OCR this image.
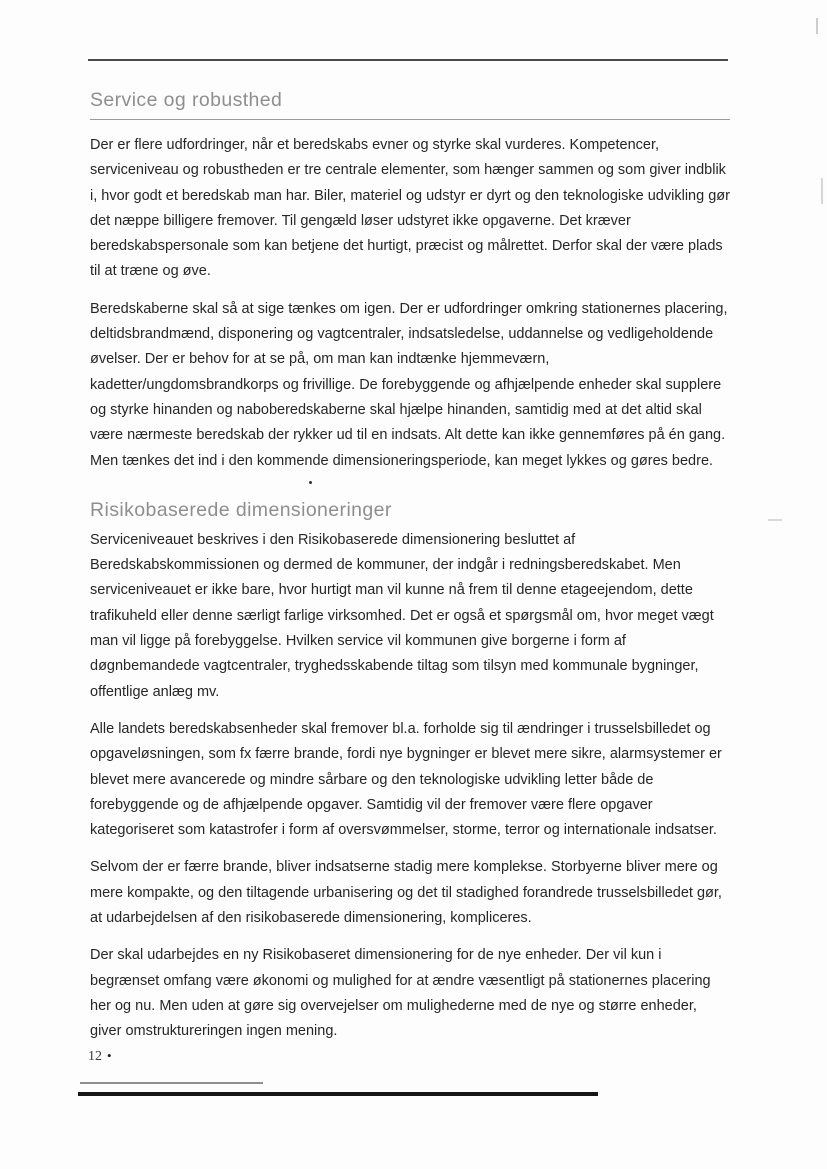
Service og robusthed

Der er flere udfordringer, når et beredskabs evner og styrke skal vurderes. Kompetencer, serviceniveau og robustheden er tre centrale elementer, som hænger sammen og som giver indblik i, hvor godt et beredskab man har. Biler, materiel og udstyr er dyrt og den teknologiske udvikling gør det næppe billigere fremover. Til gengæld løser udstyret ikke opgaverne. Det kræver beredskabspersonale som kan betjene det hurtigt, præcist og målrettet. Derfor skal der være plads til at træne og øve.

Beredskaberne skal så at sige tænkes om igen. Der er udfordringer omkring stationernes placering, deltidsbrandmænd, disponering og vagtcentraler, indsatsledelse, uddannelse og vedligeholdende øvelser. Der er behov for at se på, om man kan indtænke hjemmeværn, kadetter/ungdomsbrandkorps og frivillige. De forebyggende og afhjælpende enheder skal supplere og styrke hinanden og naboberedskaberne skal hjælpe hinanden, samtidig med at det altid skal være nærmeste beredskab der rykker ud til en indsats. Alt dette kan ikke gennemføres på én gang. Men tænkes det ind i den kommende dimensioneringsperiode, kan meget lykkes og gøres bedre.

Risikobaserede dimensioneringer

Serviceniveauet beskrives i den Risikobaserede dimensionering besluttet af Beredskabskommissionen og dermed de kommuner, der indgår i redningsberedskabet. Men serviceniveauet er ikke bare, hvor hurtigt man vil kunne nå frem til denne etageejendom, dette trafikuheld eller denne særligt farlige virksomhed. Det er også et spørgsmål om, hvor meget vægt man vil ligge på forebyggelse. Hvilken service vil kommunen give borgerne i form af døgnbemandede vagtcentraler, tryghedsskabende tiltag som tilsyn med kommunale bygninger, offentlige anlæg mv.

Alle landets beredskabsenheder skal fremover bl.a. forholde sig til ændringer i trusselsbilledet og opgaveløsningen, som fx færre brande, fordi nye bygninger er blevet mere sikre, alarmsystemer er blevet mere avancerede og mindre sårbare og den teknologiske udvikling letter både de forebyggende og de afhjælpende opgaver. Samtidig vil der fremover være flere opgaver kategoriseret som katastrofer i form af oversvømmelser, storme, terror og internationale indsatser.

Selvom der er færre brande, bliver indsatserne stadig mere komplekse. Storbyerne bliver mere og mere kompakte, og den tiltagende urbanisering og det til stadighed forandrede trusselsbilledet gør, at udarbejdelsen af den risikobaserede dimensionering, kompliceres.

Der skal udarbejdes en ny Risikobaseret dimensionering for de nye enheder. Der vil kun i begrænset omfang være økonomi og mulighed for at ændre væsentligt på stationernes placering her og nu. Men uden at gøre sig overvejelser om mulighederne med de nye og større enheder, giver omstruktureringen ingen mening.

12 •
